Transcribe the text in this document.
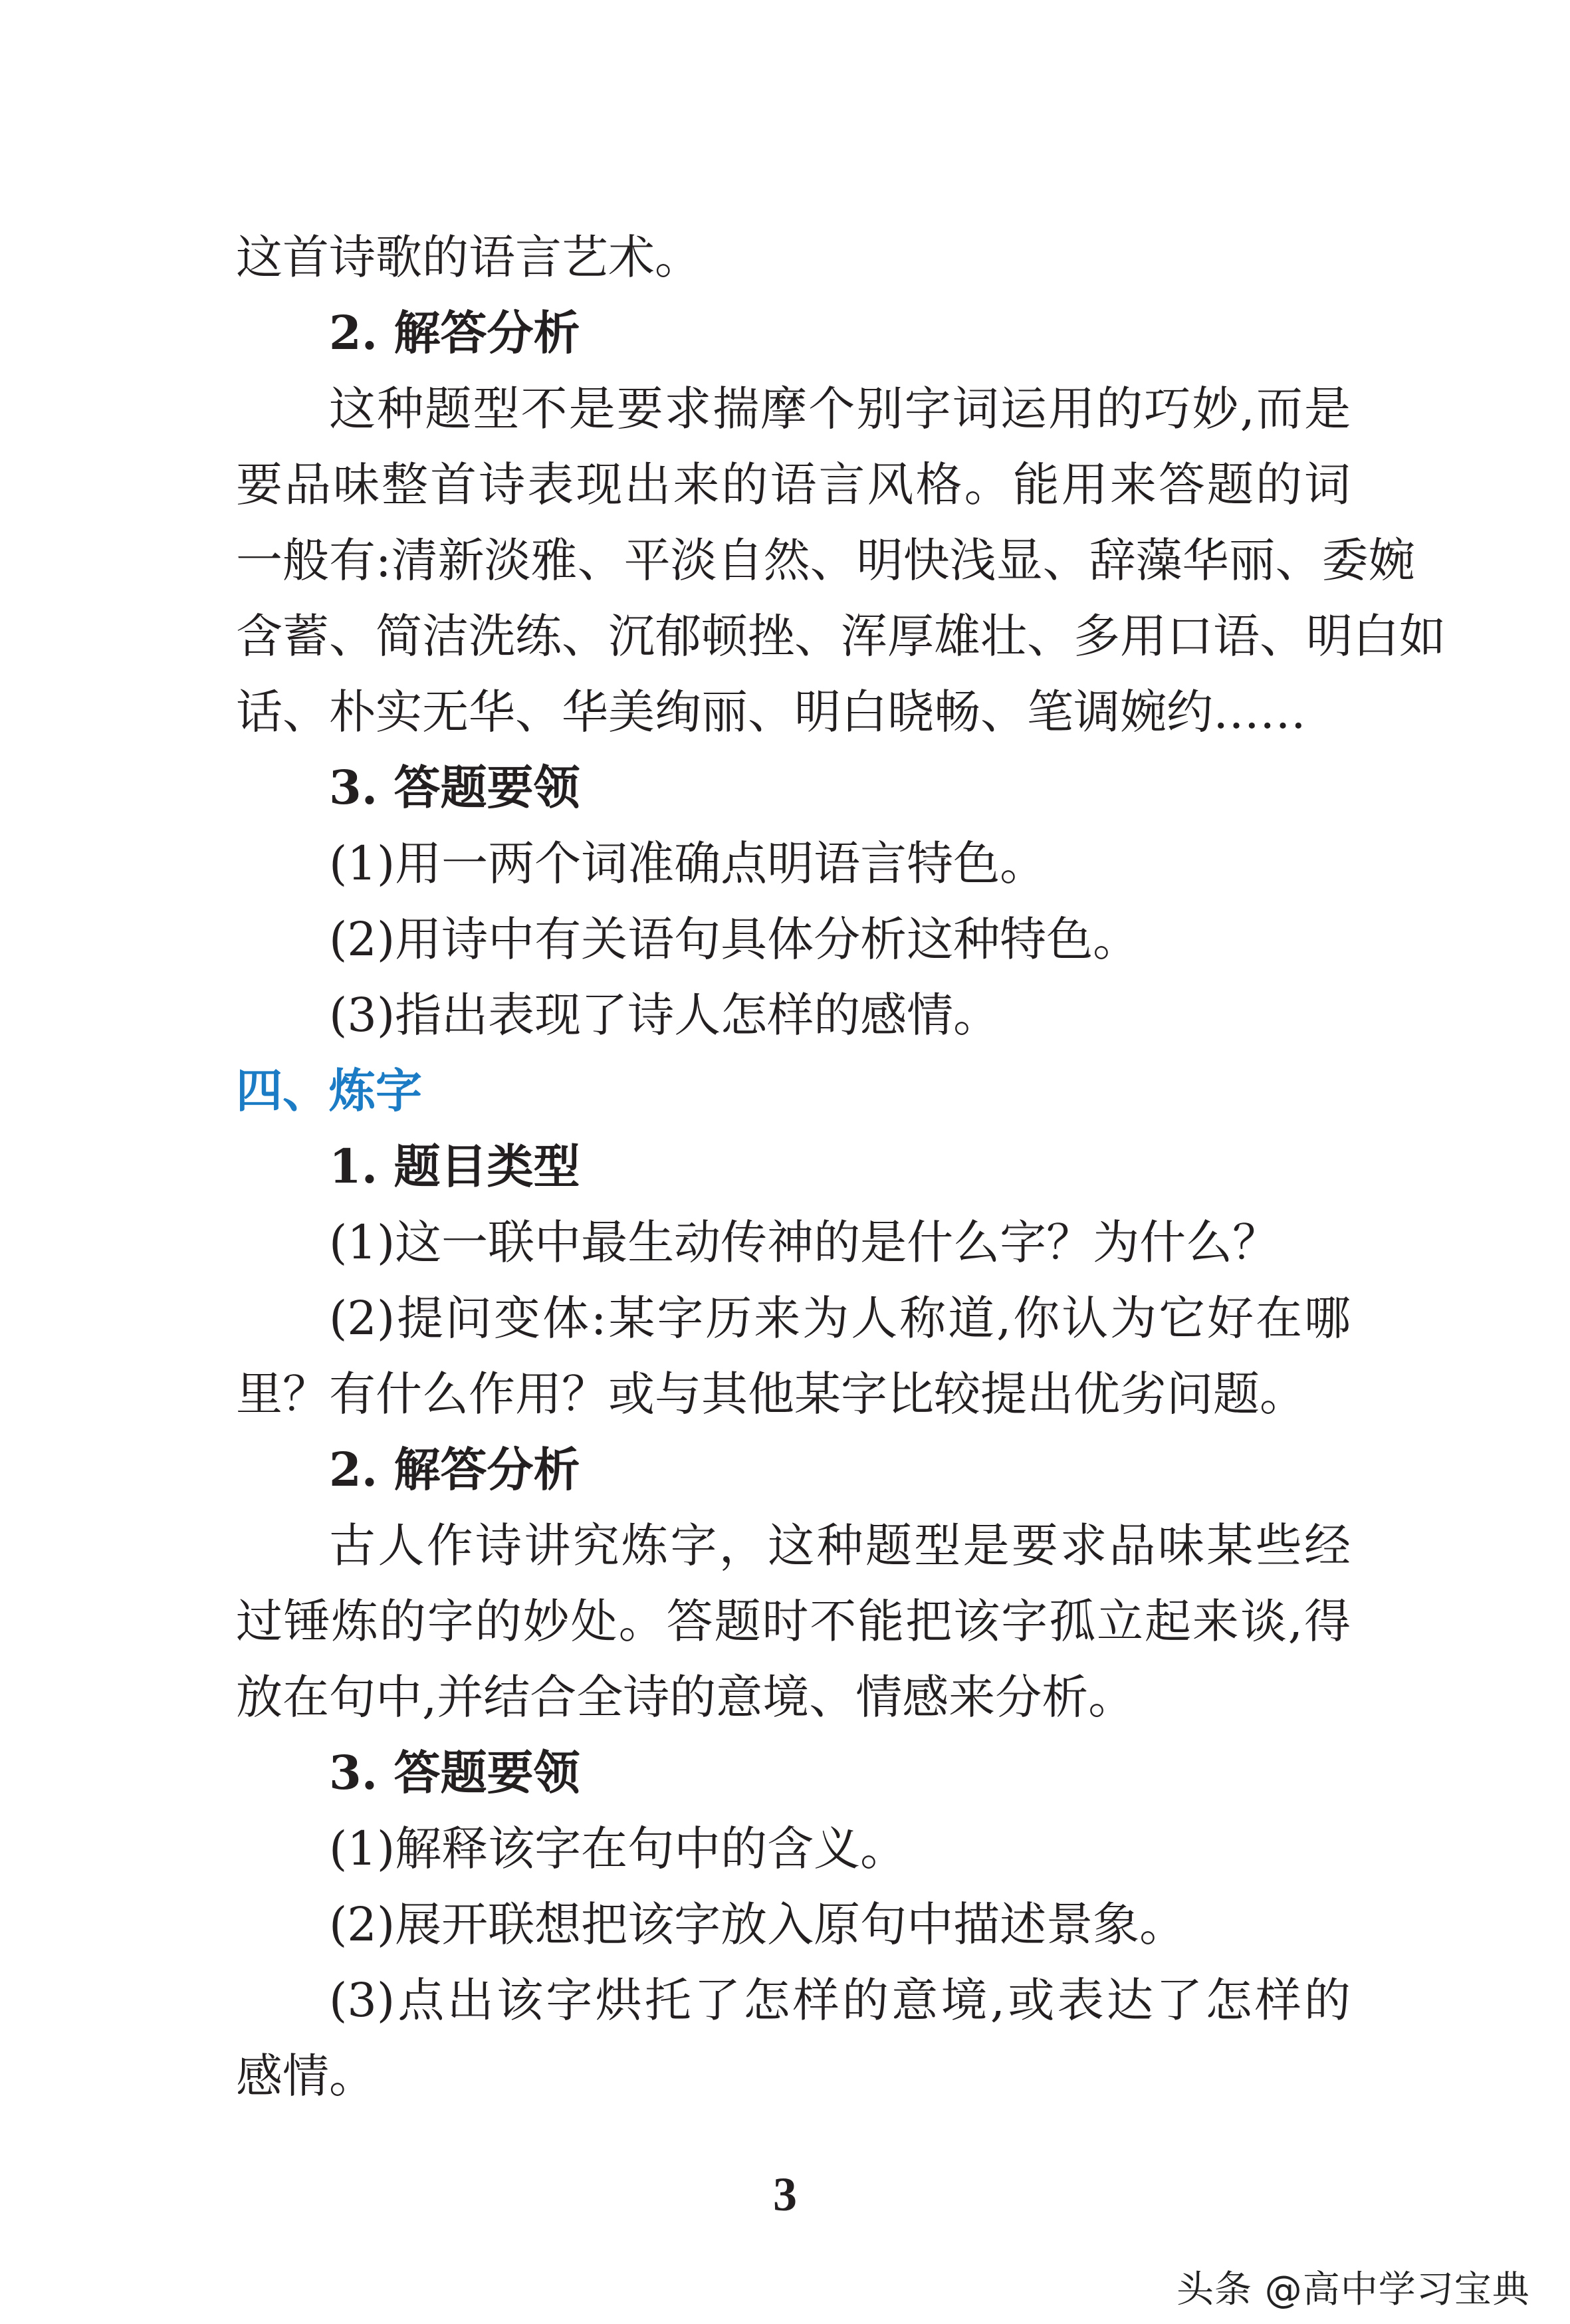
这首诗歌的语言艺术。
2. 解答分析
这种题型不是要求揣摩个别字词运用的巧妙,而是
要品味整首诗表现出来的语言风格。能用来答题的词
一般有:清新淡雅、平淡自然、明快浅显、辞藻华丽、委婉
含蓄、简洁洗练、沉郁顿挫、浑厚雄壮、多用口语、明白如
话、朴实无华、华美绚丽、明白晓畅、笔调婉约……
3. 答题要领
(1)用一两个词准确点明语言特色。
(2)用诗中有关语句具体分析这种特色。
(3)指出表现了诗人怎样的感情。
四、炼字
1. 题目类型
(1)这一联中最生动传神的是什么字？为什么？
(2)提问变体:某字历来为人称道,你认为它好在哪
里？有什么作用？或与其他某字比较提出优劣问题。
2. 解答分析
古人作诗讲究炼字，这种题型是要求品味某些经
过锤炼的字的妙处。答题时不能把该字孤立起来谈,得
放在句中,并结合全诗的意境、情感来分析。
3. 答题要领
(1)解释该字在句中的含义。
(2)展开联想把该字放入原句中描述景象。
(3)点出该字烘托了怎样的意境,或表达了怎样的
感情。
3
头条 @高中学习宝典
